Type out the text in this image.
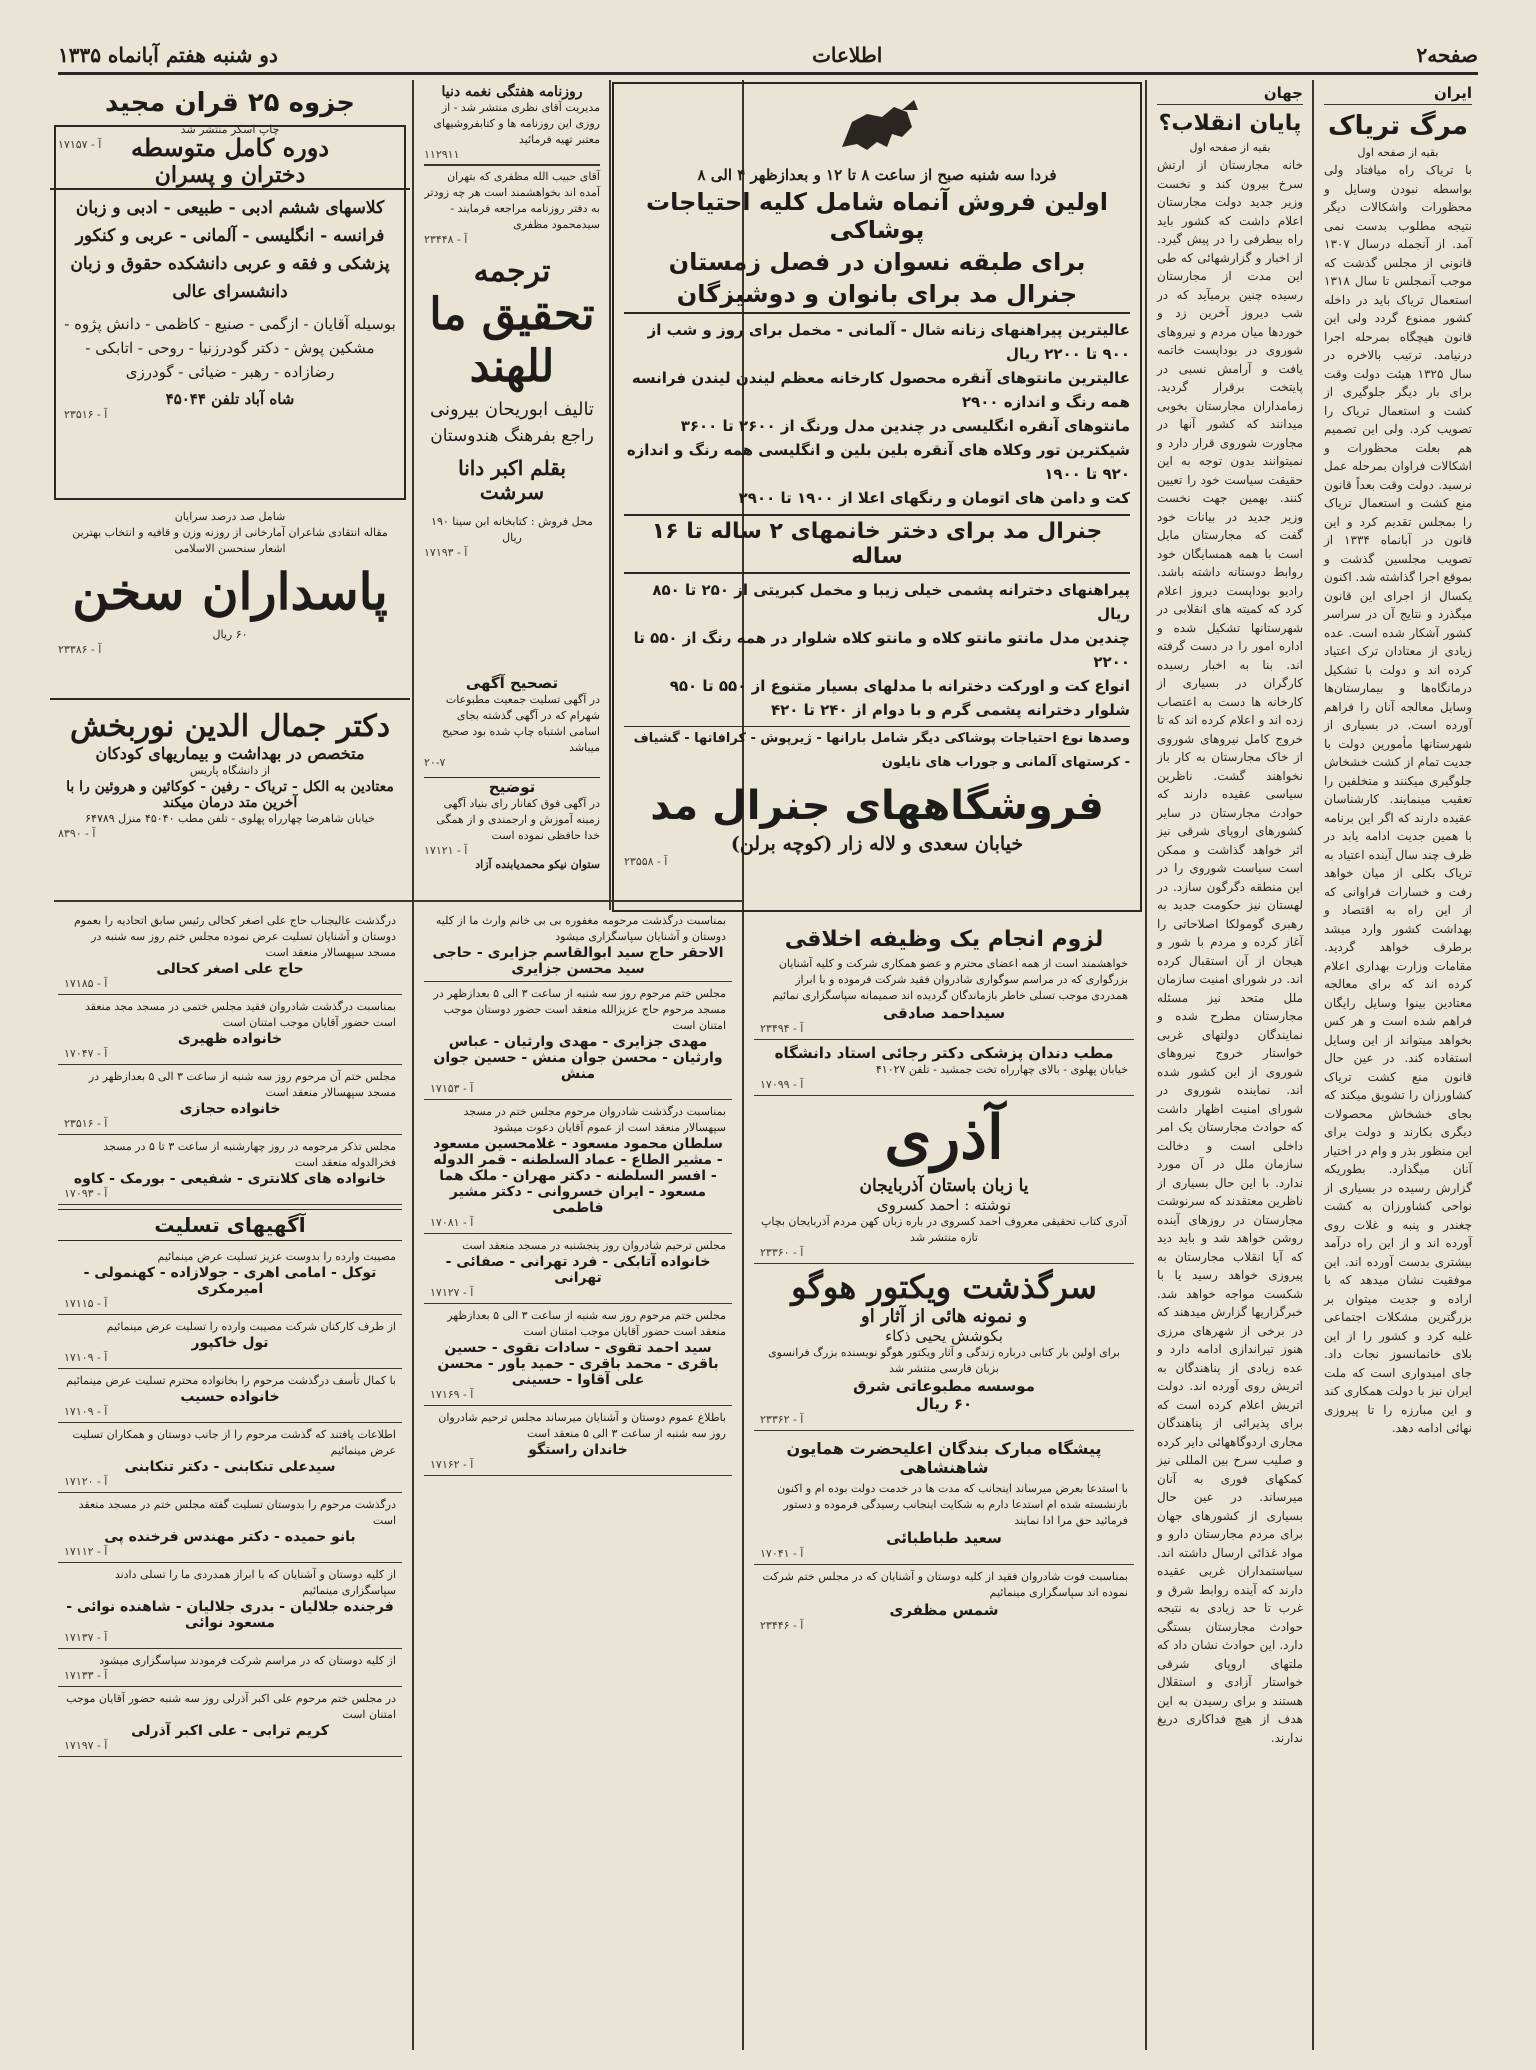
صفحه۲
اطلاعات
دو شنبه هفتم آبانماه ۱۳۳۵
ایران
مرگ تریاک
بقیه از صفحه اول

با تریاک راه میافتاد ولی بواسطه نبودن وسایل و محظورات واشکالات دیگر نتیجه مطلوب بدست نمی آمد. از آنجمله درسال ۱۳۰۷ قانونی از مجلس گذشت که موجب آنمجلس تا سال ۱۳۱۸ استعمال تریاک باید در داخله کشور ممنوع گردد ولی این قانون هیچگاه بمرحله اجرا درنیامد. ترتیب بالاخره در سال ۱۳۲۵ هیئت دولت وقت برای بار دیگر جلوگیری از کشت و استعمال تریاک را تصویب کرد. ولی این تصمیم هم بعلت محظورات و اشکالات فراوان بمرحله عمل نرسید. دولت وقت بعداً قانون منع کشت و استعمال تریاک را بمجلس تقدیم کرد و این قانون در آبانماه ۱۳۳۴ از تصویب مجلسین گذشت و بموقع اجرا گذاشته شد. اکنون یکسال از اجرای این قانون میگذرد و نتایج آن در سراسر کشور آشکار شده است. عده زیادی از معتادان ترک اعتیاد کرده اند و دولت با تشکیل درمانگاه‌ها و بیمارستان‌ها وسایل معالجه آنان را فراهم آورده است. در بسیاری از شهرستانها مأمورین دولت با جدیت تمام از کشت خشخاش جلوگیری میکنند و متخلفین را تعقیب مینمایند. کارشناسان عقیده دارند که اگر این برنامه با همین جدیت ادامه یابد در ظرف چند سال آینده اعتیاد به تریاک بکلی از میان خواهد رفت و خسارات فراوانی که از این راه به اقتصاد و بهداشت کشور وارد میشد برطرف خواهد گردید. مقامات وزارت بهداری اعلام کرده اند که برای معالجه معتادین بینوا وسایل رایگان فراهم شده است و هر کس بخواهد میتواند از این وسایل استفاده کند. در عین حال قانون منع کشت تریاک کشاورزان را تشویق میکند که بجای خشخاش محصولات دیگری بکارند و دولت برای این منظور بذر و وام در اختیار آنان میگذارد. بطوریکه گزارش رسیده در بسیاری از نواحی کشاورزان به کشت چغندر و پنبه و غلات روی آورده اند و از این راه درآمد بیشتری بدست آورده اند. این موفقیت نشان میدهد که با اراده و جدیت میتوان بر بزرگترین مشکلات اجتماعی غلبه کرد و کشور را از این بلای خانمانسوز نجات داد. جای امیدواری است که ملت ایران نیز با دولت همکاری کند و این مبارزه را تا پیروزی نهائی ادامه دهد.

جهان
پایان انقلاب؟
بقیه از صفحه اول

خانه مجارستان از ارتش سرخ بیرون کند و نخست وزیر جدید دولت مجارستان اعلام داشت که کشور باید راه بیطرفی را در پیش گیرد. از اخبار و گزارشهائی که طی این مدت از مجارستان رسیده چنین برمیآید که در شب دیروز آخرین زد و خوردها میان مردم و نیروهای شوروی در بوداپست خاتمه یافت و آرامش نسبی در پایتخت برقرار گردید. زمامداران مجارستان بخوبی میدانند که کشور آنها در مجاورت شوروی قرار دارد و نمیتوانند بدون توجه به این حقیقت سیاست خود را تعیین کنند. بهمین جهت نخست وزیر جدید در بیانات خود گفت که مجارستان مایل است با همه همسایگان خود روابط دوستانه داشته باشد. رادیو بوداپست دیروز اعلام کرد که کمیته های انقلابی در شهرستانها تشکیل شده و اداره امور را در دست گرفته اند. بنا به اخبار رسیده کارگران در بسیاری از کارخانه ها دست به اعتصاب زده اند و اعلام کرده اند که تا خروج کامل نیروهای شوروی از خاک مجارستان به کار باز نخواهند گشت. ناظرین سیاسی عقیده دارند که حوادث مجارستان در سایر کشورهای اروپای شرقی نیز اثر خواهد گذاشت و ممکن است سیاست شوروی را در این منطقه دگرگون سازد. در لهستان نیز حکومت جدید به رهبری گومولکا اصلاحاتی را آغاز کرده و مردم با شور و هیجان از آن استقبال کرده اند. در شورای امنیت سازمان ملل متحد نیز مسئله مجارستان مطرح شده و نمایندگان دولتهای غربی خواستار خروج نیروهای شوروی از این کشور شده اند. نماینده شوروی در شورای امنیت اظهار داشت که حوادث مجارستان یک امر داخلی است و دخالت سازمان ملل در آن مورد ندارد. با این حال بسیاری از ناظرین معتقدند که سرنوشت مجارستان در روزهای آینده روشن خواهد شد و باید دید که آیا انقلاب مجارستان به پیروزی خواهد رسید یا با شکست مواجه خواهد شد. خبرگزاریها گزارش میدهند که در برخی از شهرهای مرزی هنوز تیراندازی ادامه دارد و عده زیادی از پناهندگان به اتریش روی آورده اند. دولت اتریش اعلام کرده است که برای پذیرائی از پناهندگان مجاری اردوگاههائی دایر کرده و صلیب سرخ بین المللی نیز کمکهای فوری به آنان میرساند. در عین حال بسیاری از کشورهای جهان برای مردم مجارستان دارو و مواد غذائی ارسال داشته اند. سیاستمداران غربی عقیده دارند که آینده روابط شرق و غرب تا حد زیادی به نتیجه حوادث مجارستان بستگی دارد. این حوادث نشان داد که ملتهای اروپای شرقی خواستار آزادی و استقلال هستند و برای رسیدن به این هدف از هیچ فداکاری دریغ ندارند.

فردا سه شنبه صبح از ساعت ۸ تا ۱۲ و بعدازظهر ۴ الی ۸
اولین فروش آنماه شامل کلیه احتیاجات پوشاکی
برای طبقه نسوان در فصل زمستان
جنرال مد برای بانوان و دوشیزگان
عالیترین پیراهنهای زنانه شال - آلمانی - مخمل برای روز و شب از ۹۰۰ تا ۲۲۰۰ ریال
عالیترین مانتوهای آنقره محصول کارخانه معظم لیندن لیندن فرانسه همه رنگ و اندازه ۲۹۰۰
مانتوهای آنقره انگلیسی در چندین مدل ورنگ از ۲۶۰۰ تا ۳۶۰۰
شیکترین تور وکلاه های آنقره بلین بلین و انگلیسی همه رنگ و اندازه ۹۲۰ تا ۱۹۰۰
کت و دامن های اتومان و رنگهای اعلا از ۱۹۰۰ تا ۲۹۰۰
جنرال مد برای دختر خانمهای ۲ ساله تا ۱۶ ساله
پیراهنهای دخترانه پشمی خیلی زیبا و مخمل کبریتی از ۲۵۰ تا ۸۵۰ ریال
چندین مدل مانتو مانتو کلاه و مانتو کلاه شلوار در همه رنگ از ۵۵۰ تا ۲۲۰۰
انواع کت و اورکت دخترانه با مدلهای بسیار متنوع از ۵۵۰ تا ۹۵۰
شلوار دخترانه پشمی گرم و با دوام از ۲۴۰ تا ۴۲۰
وصدها نوع احتیاجات پوشاکی دیگر شامل بارانها - ژیرپوش - کرافاتها - گشیاف - کرستهای آلمانی و جوراب های نایلون
فروشگاههای جنرال مد
خیابان سعدی و لاله زار (کوچه برلن)
آ - ۲۳۵۵۸
روزنامه هفتگی نغمه دنیا
مدیریت آقای نظری منتشر شد - از روزی این روزنامه ها و کتابفروشیهای معتبر تهیه فرمائید
۱۱۲۹۱۱
آقای حبیب الله مظفری که بتهران آمده اند بخواهشمند است هر چه زودتر به دفتر روزنامه مراجعه فرمایند - سیدمحمود مظفری
آ - ۲۳۴۴۸
ترجمه
تحقیق ما للهند
تالیف ابوریحان بیرونی
راجع بفرهنگ هندوستان
بقلم اکبر دانا سرشت
محل فروش : کتابخانه ابن سینا ۱۹۰ ریال
آ - ۱۷۱۹۳
تصحیح آگهی
در آگهی تسلیت جمعیت مطبوعات شهرام که در آگهی گذشته بجای اسامی اشتباه چاپ شده بود صحیح میباشد
۲۰-۷
توضیح
در آگهی فوق کفانار رای بنیاد آگهی زمینه آموزش و ارجمندی و از همگی خدا حافظی نموده است
آ - ۱۷۱۲۱
ستوان نیکو محمدیابنده آزاد
جزوه ۲۵ قران مجید
چاپ اسکر منتشر شد
آ - ۱۷۱۵۷	دوره کامل متوسطه
دختران و پسران
کلاسهای ششم ادبی - طبیعی - ادبی و زبان فرانسه - انگلیسی - آلمانی - عربی و کنکور پزشکی و فقه و عربی دانشکده حقوق و زبان دانشسرای عالی
بوسیله آقایان - ازگمی - صنیع - کاظمی - دانش پژوه - مشکین پوش - دکتر گودرزنیا - روحی - اتابکی - رضازاده - رهبر - ضیائی - گودرزی
شاه آباد تلفن ۴۵۰۴۴
آ - ۲۳۵۱۶
شامل صد درصد سرایان
مقاله انتقادی شاعران آمارخانی از روزنه وزن و قافیه و انتخاب بهترین اشعار سنحسن الاسلامی
پاسداران سخن
۶۰ ریال
آ - ۲۳۳۸۶
دکتر جمال الدین نوربخش
متخصص در بهداشت و بیماریهای کودکان
از دانشگاه پاریس
معتادین به الکل - تریاک - رفین - کوکائین و هروئین را با آخرین متد درمان میکند
خیابان شاهرضا چهارراه پهلوی - تلفن مطب ۴۵۰۴۰ منزل ۶۴۷۸۹
آ - ۸۳۹۰
درگذشت عالیجناب حاج علی اصغر کحالی رئیس سابق اتحادیه را بعموم دوستان و آشنایان تسلیت عرض نموده مجلس ختم روز سه شنبه در مسجد سپهسالار منعقد است
حاج علی اصغر کحالی
آ - ۱۷۱۸۵
بمناسبت درگذشت شادروان فقید مجلس ختمی در مسجد مجد منعقد است حضور آقایان موجب امتنان است
خانواده ظهیری
آ - ۱۷۰۴۷
مجلس ختم آن مرحوم روز سه شنبه از ساعت ۳ الی ۵ بعدازظهر در مسجد سپهسالار منعقد است
خانواده حجازی
آ - ۲۳۵۱۶
مجلس تذکر مرحومه در روز چهارشنبه از ساعت ۳ تا ۵ در مسجد فخرالدوله منعقد است
خانواده های کلانتری - شفیعی - بورمک - کاوه
آ - ۱۷۰۹۳
آگهیهای تسلیت
مصیبت وارده را بدوست عزیز تسلیت عرض مینمائیم
توکل - امامی اهری - جولازاده - کهنمولی - امیرمکری
آ - ۱۷۱۱۵
از طرف کارکنان شرکت مصیبت وارده را تسلیت عرض مینمائیم
تول خاکپور
آ - ۱۷۱۰۹
با کمال تأسف درگذشت مرحوم را بخانواده محترم تسلیت عرض مینمائیم
خانواده حسیب
آ - ۱۷۱۰۹
اطلاعات یافتند که گذشت مرحوم را از جانب دوستان و همکاران تسلیت عرض مینمائیم
سیدعلی تنکابنی - دکتر تنکابنی
آ - ۱۷۱۲۰
درگذشت مرحوم را بدوستان تسلیت گفته مجلس ختم در مسجد منعقد است
بانو حمیده - دکتر مهندس فرخنده پی
آ - ۱۷۱۱۲
از کلیه دوستان و آشنایان که با ابراز همدردی ما را تسلی دادند سپاسگزاری مینمائیم
فرجنده جلالیان - بدری جلالیان - شاهنده نوائی - مسعود نوائی
آ - ۱۷۱۳۷
از کلیه دوستان که در مراسم شرکت فرمودند سپاسگزاری میشود
آ - ۱۷۱۳۳
در مجلس ختم مرحوم علی اکبر آذرلی روز سه شنبه حضور آقایان موجب امتنان است
کریم ترابی - علی اکبر آذرلی
آ - ۱۷۱۹۷
بمناسبت درگذشت مرحومه مغفوره بی بی خانم وارث ما از کلیه دوستان و آشنایان سپاسگزاری میشود
الاحقر حاج سید ابوالقاسم جزایری - حاجی سید محسن جزایری
مجلس ختم مرحوم روز سه شنبه از ساعت ۳ الی ۵ بعدازظهر در مسجد مرحوم حاج عزیزالله منعقد است حضور دوستان موجب امتنان است
مهدی جزایری - مهدی وارثیان - عباس وارثیان - محسن جوان منش - حسین جوان منش
آ - ۱۷۱۵۳
بمناسبت درگذشت شادروان مرحوم مجلس ختم در مسجد سپهسالار منعقد است از عموم آقایان دعوت میشود
سلطان محمود مسعود - غلامحسین مسعود - مشیر الطاع - عماد السلطنه - قمر الدوله - افسر السلطنه - دکتر مهران - ملک هما مسعود - ایران خسروانی - دکتر مشیر فاطمی
آ - ۱۷۰۸۱
مجلس ترحیم شادروان روز پنجشنبه در مسجد منعقد است
خانواده آتابکی - فرد تهرانی - صفائی - تهرانی
آ - ۱۷۱۲۷
مجلس ختم مرحوم روز سه شنبه از ساعت ۳ الی ۵ بعدازظهر منعقد است حضور آقایان موجب امتنان است
سید احمد تقوی - سادات نقوی - حسین باقری - محمد باقری - حمید یاور - محسن علی آقاوا - حسینی
آ - ۱۷۱۶۹
باطلاع عموم دوستان و آشنایان میرساند مجلس ترحیم شادروان روز سه شنبه از ساعت ۳ الی ۵ منعقد است
خاندان راستگو
آ - ۱۷۱۶۲
لزوم انجام یک وظیفه اخلاقی
خواهشمند است از همه اعضای محترم و عضو همکاری شرکت و کلیه آشنایان بزرگواری که در مراسم سوگواری شادروان فقید شرکت فرموده و با ابراز همدردی موجب تسلی خاطر بازماندگان گردیده اند صمیمانه سپاسگزاری نمائیم
سیداحمد صادقی
آ - ۲۳۴۹۴
مطب دندان پزشکی دکتر رجائی استاد دانشگاه
خیابان پهلوی - بالای چهارراه تخت جمشید - تلفن ۴۱۰۲۷
آ - ۱۷۰۹۹
آذری
یا زبان باستان آذربایجان
نوشته : احمد کسروی
آذری کتاب تحقیقی معروف احمد کسروی در باره زبان کهن مردم آذربایجان بچاپ تازه منتشر شد
آ - ۲۳۳۶۰
سرگذشت ویکتور هوگو
و نمونه هائی از آثار او
بکوشش یحیی ذکاء
برای اولین بار کتابی درباره زندگی و آثار ویکتور هوگو نویسنده بزرگ فرانسوی بزبان فارسی منتشر شد
موسسه مطبوعاتی شرق
۶۰ ریال
آ - ۲۳۳۶۲
پیشگاه مبارک بندگان اعلیحضرت همایون شاهنشاهی
با استدعا بعرض میرساند اینجانب که مدت ها در خدمت دولت بوده ام و اکنون بازنشسته شده ام استدعا دارم به شکایت اینجانب رسیدگی فرموده و دستور فرمائید حق مرا ادا نمایند
سعید طباطبائی
آ - ۱۷۰۴۱
بمناسبت فوت شادروان فقید از کلیه دوستان و آشنایان که در مجلس ختم شرکت نموده اند سپاسگزاری مینمائیم
شمس مظفری
آ - ۲۳۴۴۶
